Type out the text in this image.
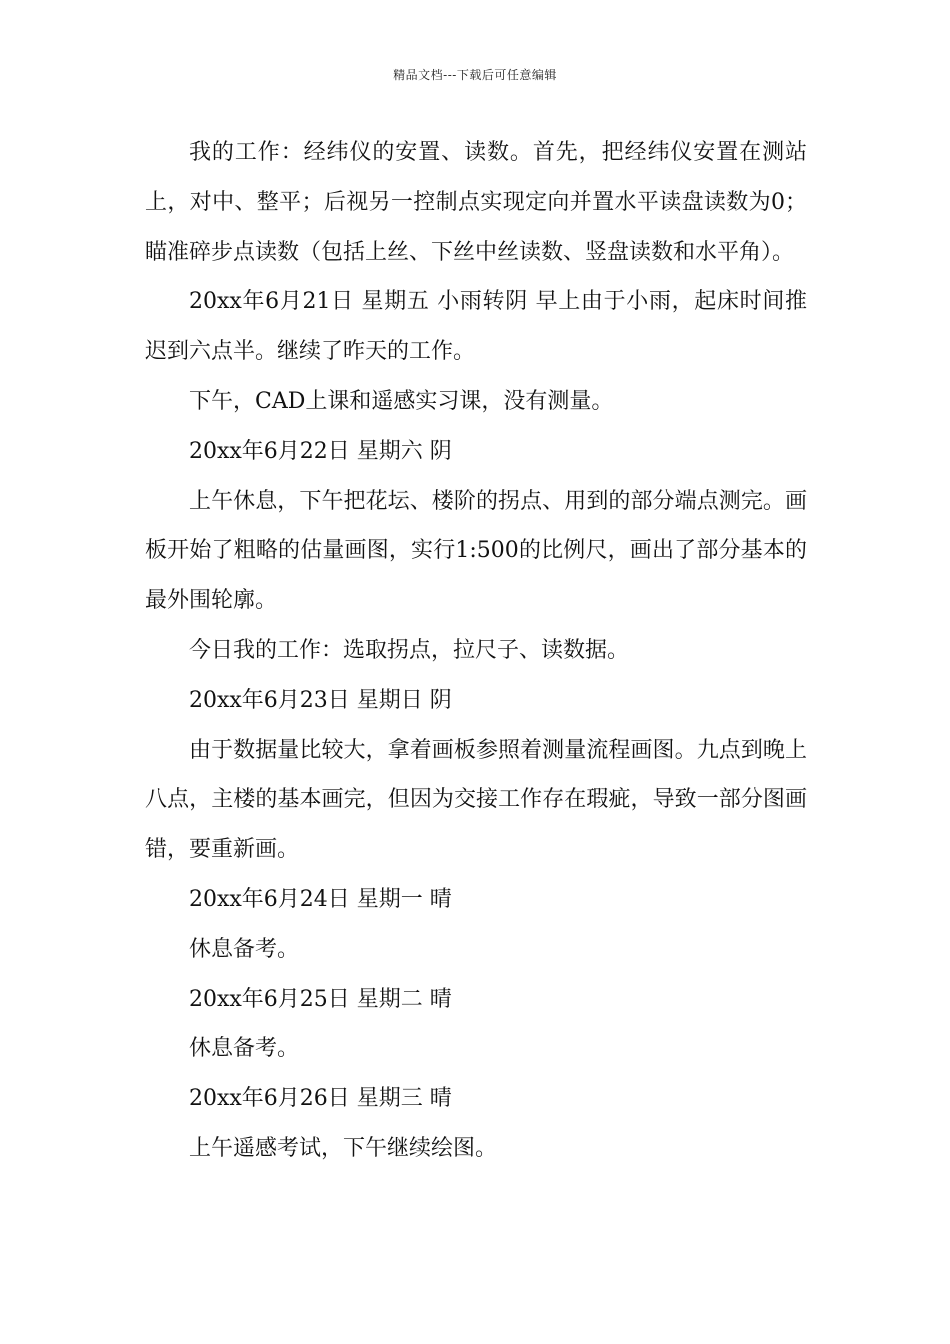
精品文档---下载后可任意编辑

我的工作：经纬仪的安置、读数。首先，把经纬仪安置在测站上，对中、整平；后视另一控制点实现定向并置水平读盘读数为0；瞄准碎步点读数（包括上丝、下丝中丝读数、竖盘读数和水平角）。

20xx年6月21日 星期五 小雨转阴 早上由于小雨，起床时间推迟到六点半。继续了昨天的工作。

下午，CAD上课和遥感实习课，没有测量。

20xx年6月22日 星期六 阴

上午休息，下午把花坛、楼阶的拐点、用到的部分端点测完。画板开始了粗略的估量画图，实行1:500的比例尺，画出了部分基本的最外围轮廓。

今日我的工作：选取拐点，拉尺子、读数据。

20xx年6月23日 星期日 阴

由于数据量比较大，拿着画板参照着测量流程画图。九点到晚上八点，主楼的基本画完，但因为交接工作存在瑕疵，导致一部分图画错，要重新画。

20xx年6月24日 星期一 晴

休息备考。

20xx年6月25日 星期二 晴

休息备考。

20xx年6月26日 星期三 晴

上午遥感考试，下午继续绘图。
